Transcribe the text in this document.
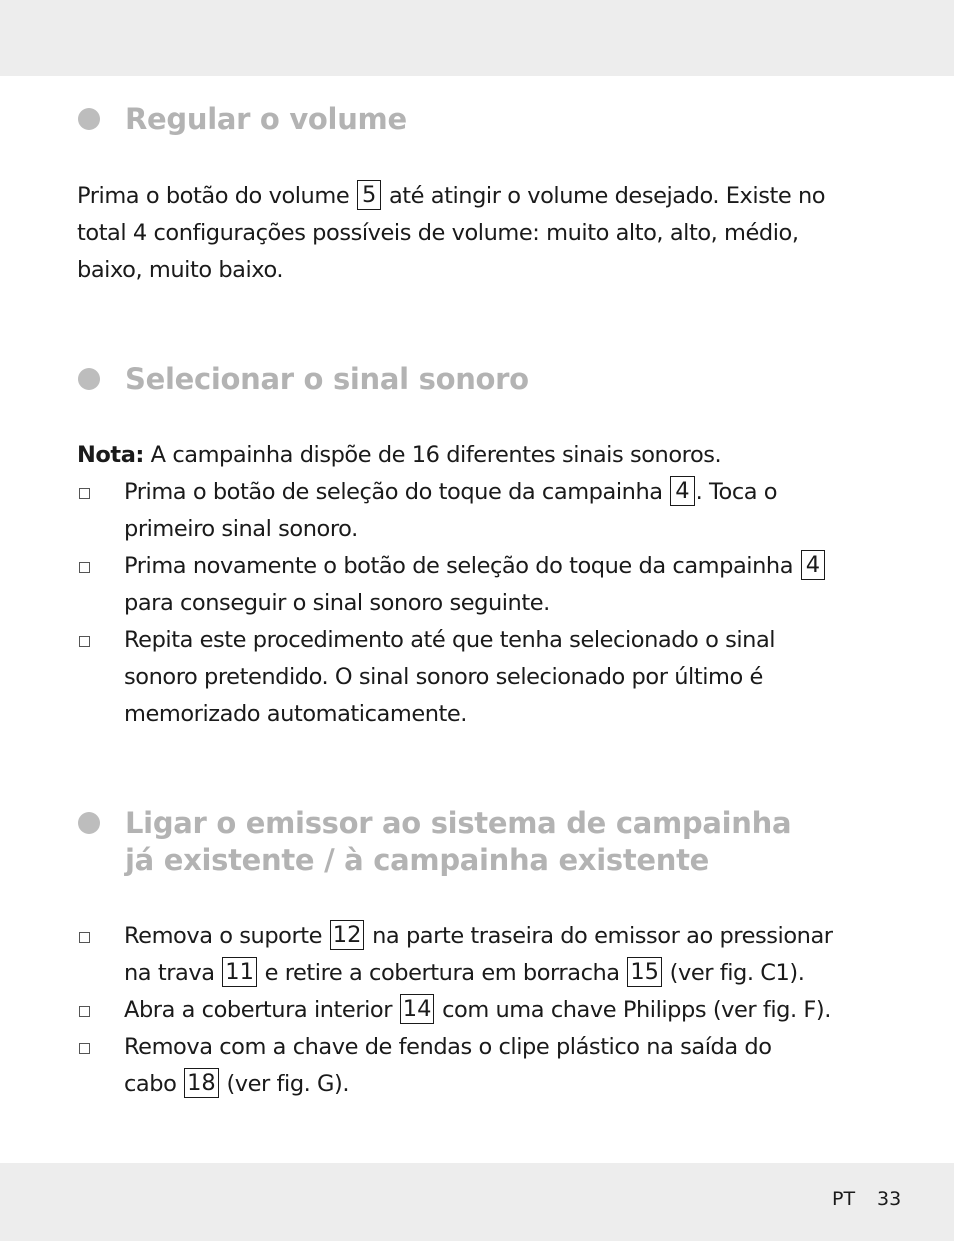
Regular o volume
Prima o botão do volume 5 até atingir o volume desejado. Existe no
total 4 configurações possíveis de volume: muito alto, alto, médio,
baixo, muito baixo.
Selecionar o sinal sonoro
Nota: A campainha dispõe de 16 diferentes sinais sonoros.
Prima o botão de seleção do toque da campainha 4 . Toca o
primeiro sinal sonoro.
Prima novamente o botão de seleção do toque da campainha 4
para conseguir o sinal sonoro seguinte.
Repita este procedimento até que tenha selecionado o sinal
sonoro pretendido. O sinal sonoro selecionado por último é
memorizado automaticamente.
Ligar o emissor ao sistema de campainha
já existente / à campainha existente
Remova o suporte 12 na parte traseira do emissor ao pressionar
na trava 11 e retire a cobertura em borracha 15 (ver fig. C1).
Abra a cobertura interior 14 com uma chave Philipps (ver fig. F).
Remova com a chave de fendas o clipe plástico na saída do
cabo 18 (ver fig. G).
PT 33
